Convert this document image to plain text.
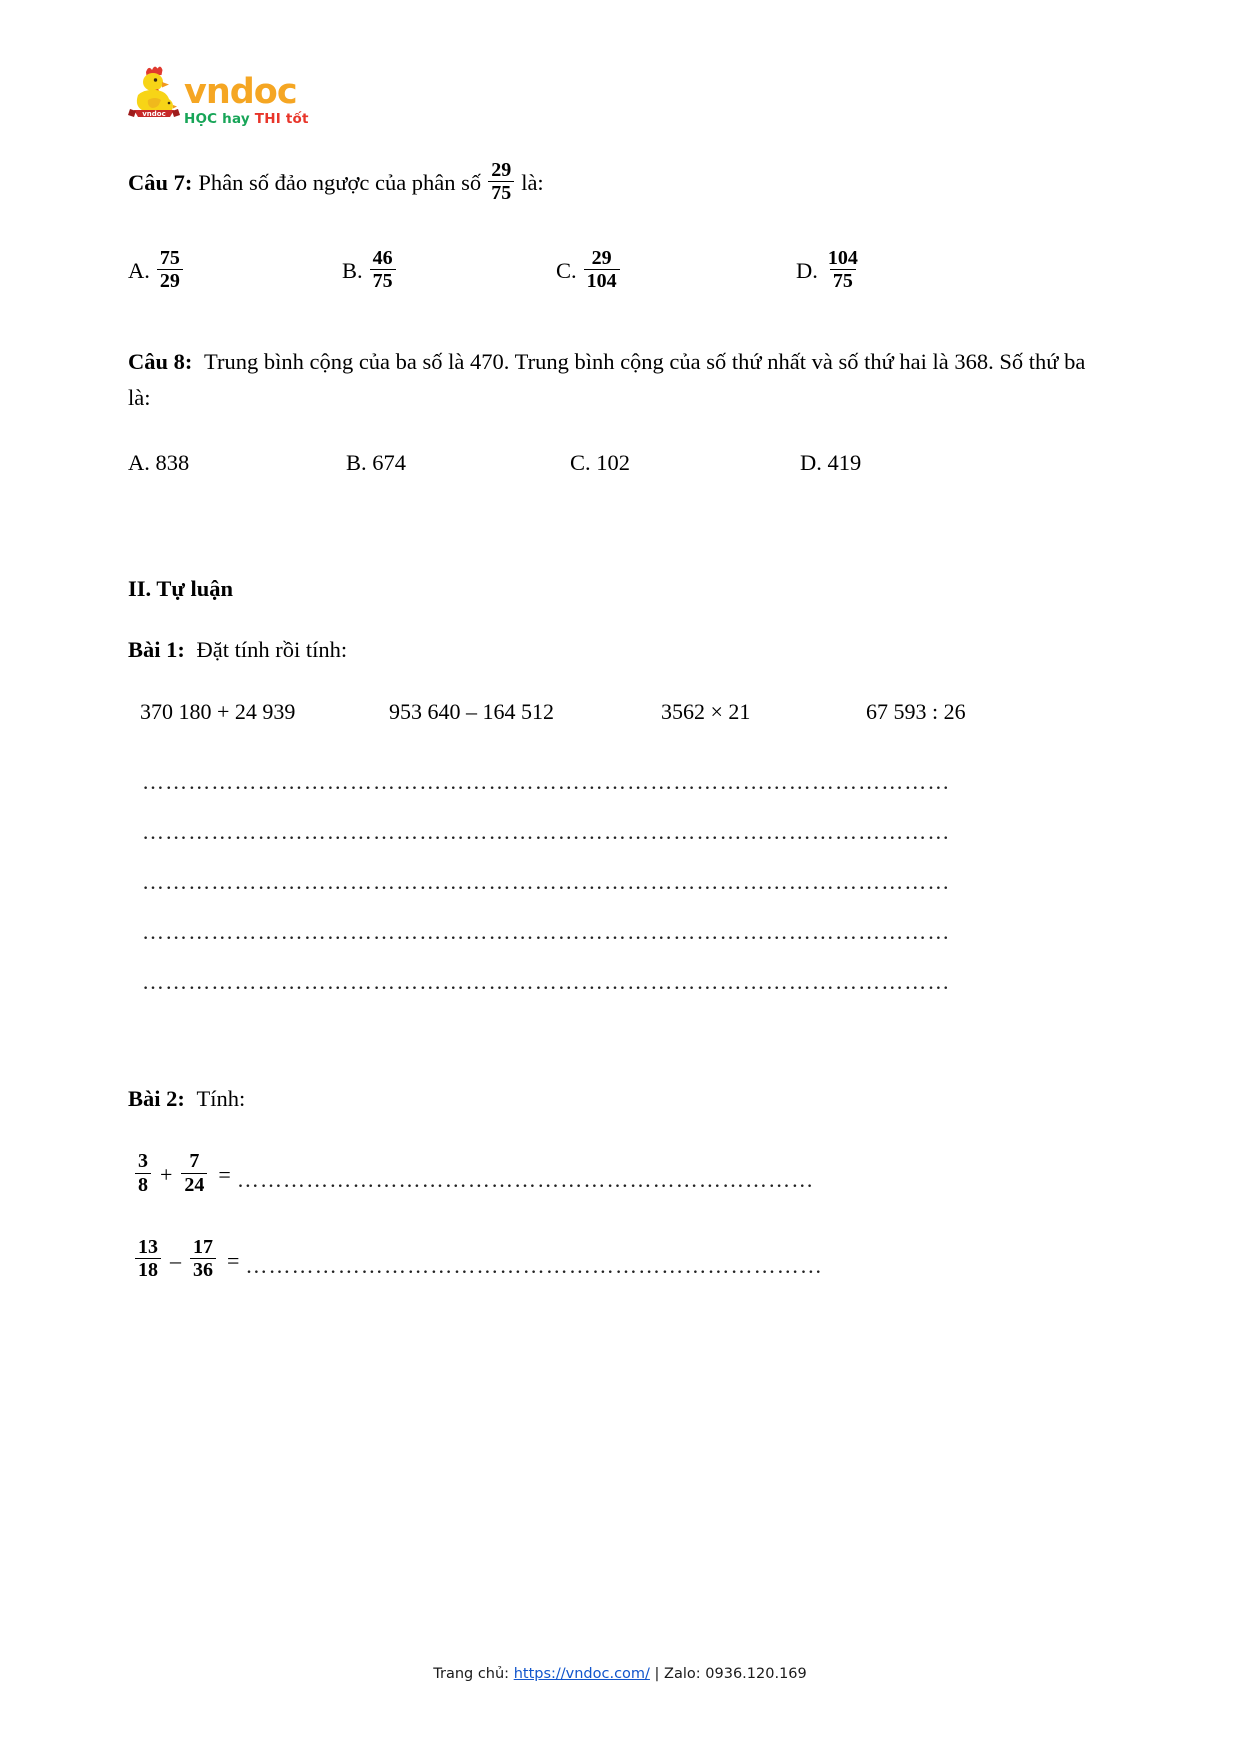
vndoc
vndoc
HỌC hay THI tốt
Câu 7: Phân số đảo ngược của phân số $\frac{29}{75}$ là:
A. $\frac{75}{29}$	B. $\frac{46}{75}$	C. $\frac{29}{104}$	D. $\frac{104}{75}$

Câu 8: Trung bình cộng của ba số là 470. Trung bình cộng của số thứ nhất và số thứ hai là 368. Số thứ ba là:

A. 838	B. 674	C. 102	D. 419

II. Tự luận

Bài 1: Đặt tính rồi tính:

370 180 + 24 939	953 640 – 164 512	3562 × 21	67 593 : 26
……………………………………………………………………………………………
……………………………………………………………………………………………
……………………………………………………………………………………………
……………………………………………………………………………………………
……………………………………………………………………………………………

Bài 2: Tính:

$\frac{3}{8} + \frac{7}{24}$ = …………………………………………………………………
$\frac{13}{18} - \frac{17}{36}$ = …………………………………………………………………
Trang chủ: https://vndoc.com/ | Zalo: 0936.120.169
